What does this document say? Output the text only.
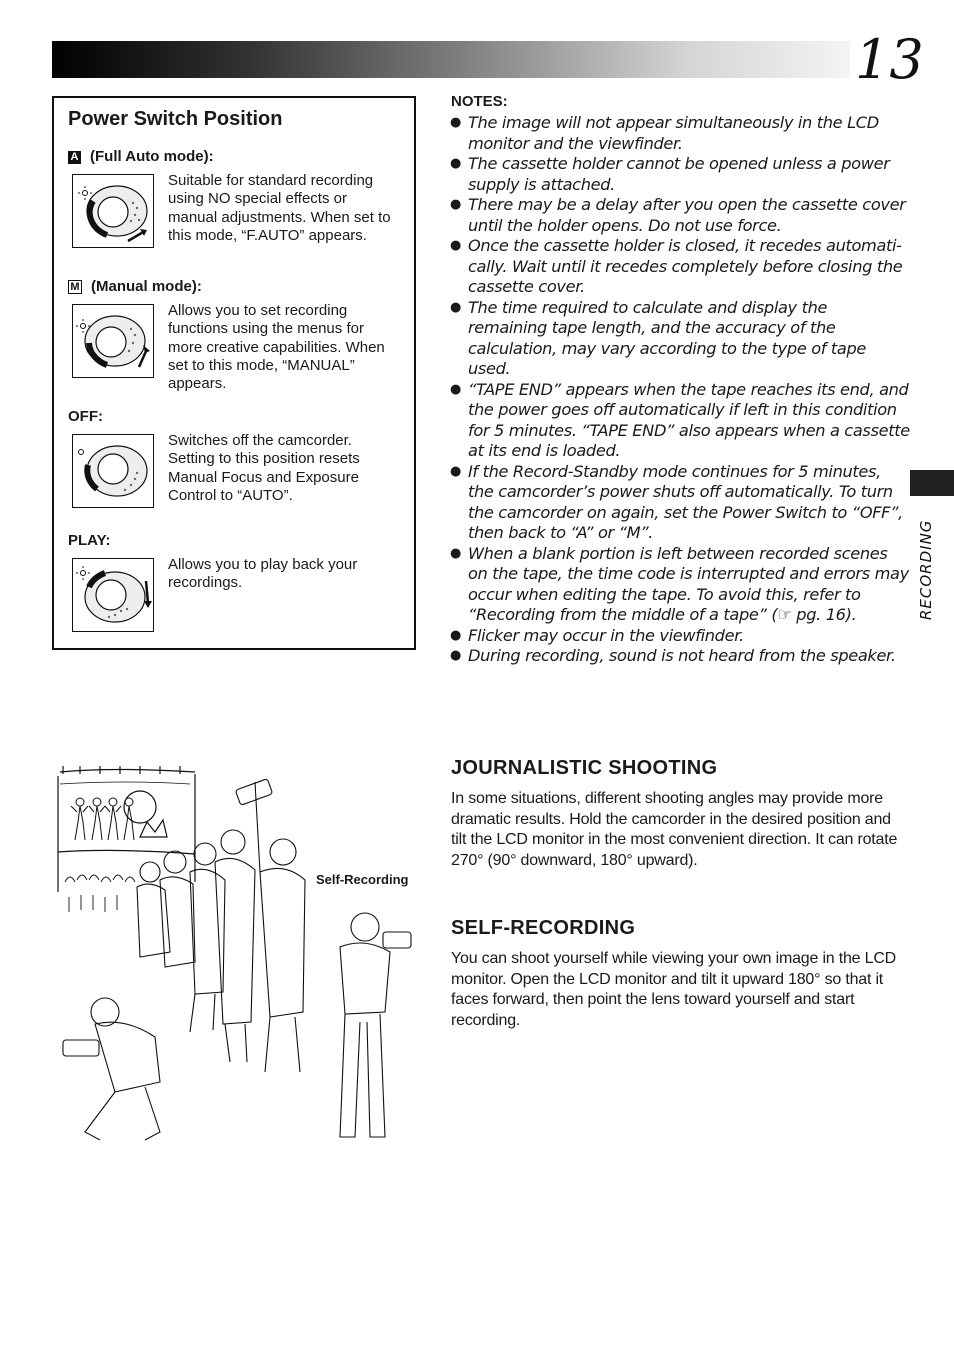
13
RECORDING
Power Switch Position
A (Full Auto mode):
Suitable for standard recording using NO special effects or manual adjustments. When set to this mode, “F.AUTO” appears.
M (Manual mode):
Allows you to set recording functions using the menus for more creative capabilities. When set to this mode, “MANUAL” appears.
OFF:
Switches off the camcorder. Setting to this position resets Manual Focus and Exposure Control to “AUTO”.
PLAY:
Allows you to play back your recordings.
NOTES:
● The image will not appear simultaneously in the LCD monitor and the viewfinder.
● The cassette holder cannot be opened unless a power supply is attached.
● There may be a delay after you open the cassette cover until the holder opens. Do not use force.
● Once the cassette holder is closed, it recedes automati-cally. Wait until it recedes completely before closing the cassette cover.
● The time required to calculate and display the remaining tape length, and the accuracy of the calculation, may vary according to the type of tape used.
● “TAPE END” appears when the tape reaches its end, and the power goes off automatically if left in this condition for 5 minutes. “TAPE END” also appears when a cassette at its end is loaded.
● If the Record-Standby mode continues for 5 minutes, the camcorder’s power shuts off automatically. To turn the camcorder on again, set the Power Switch to “OFF”, then back to “A” or “M”.
● When a blank portion is left between recorded scenes on the tape, the time code is interrupted and errors may occur when editing the tape. To avoid this, refer to “Recording from the middle of a tape” (☞ pg. 16).
● Flicker may occur in the viewfinder.
● During recording, sound is not heard from the speaker.
JOURNALISTIC SHOOTING
In some situations, different shooting angles may provide more dramatic results. Hold the camcorder in the desired position and tilt the LCD monitor in the most convenient direction. It can rotate 270° (90° downward, 180° upward).
SELF-RECORDING
You can shoot yourself while viewing your own image in the LCD monitor. Open the LCD monitor and tilt it upward 180° so that it faces forward, then point the lens toward yourself and start recording.
Self-Recording
